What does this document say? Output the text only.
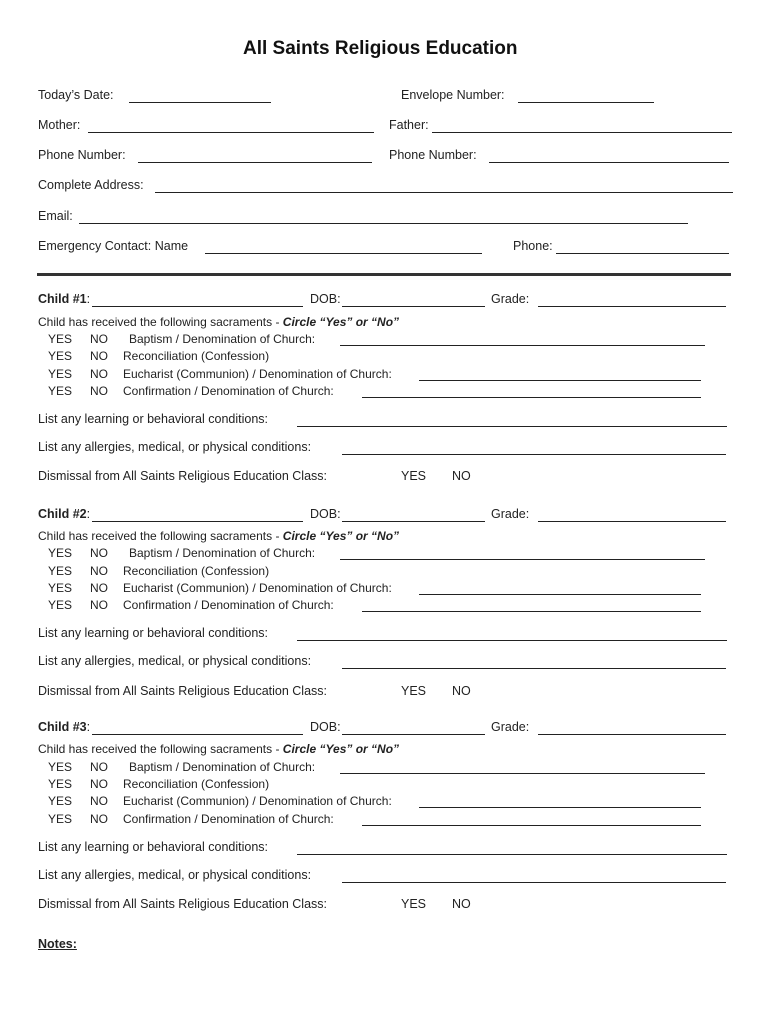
All Saints Religious Education
Today’s Date:	Envelope Number:
Mother:	Father:
Phone Number:	Phone Number:
Complete Address:
Email:
Emergency Contact: Name	Phone:
Child #1:	DOB:	Grade:
Child has received the following sacraments - Circle “Yes” or “No”
YES NO Baptism / Denomination of Church:
YES NO Reconciliation (Confession)
YES NO Eucharist (Communion) / Denomination of Church:
YES NO Confirmation / Denomination of Church:
List any learning or behavioral conditions:
List any allergies, medical, or physical conditions:
Dismissal from All Saints Religious Education Class:	YES NO
Child #2:	DOB:	Grade:
Child has received the following sacraments - Circle “Yes” or “No”
YES NO Baptism / Denomination of Church:
YES NO Reconciliation (Confession)
YES NO Eucharist (Communion) / Denomination of Church:
YES NO Confirmation / Denomination of Church:
List any learning or behavioral conditions:
List any allergies, medical, or physical conditions:
Dismissal from All Saints Religious Education Class:	YES NO
Child #3:	DOB:	Grade:
Child has received the following sacraments - Circle “Yes” or “No”
YES NO Baptism / Denomination of Church:
YES NO Reconciliation (Confession)
YES NO Eucharist (Communion) / Denomination of Church:
YES NO Confirmation / Denomination of Church:
List any learning or behavioral conditions:
List any allergies, medical, or physical conditions:
Dismissal from All Saints Religious Education Class:	YES NO
Notes:
